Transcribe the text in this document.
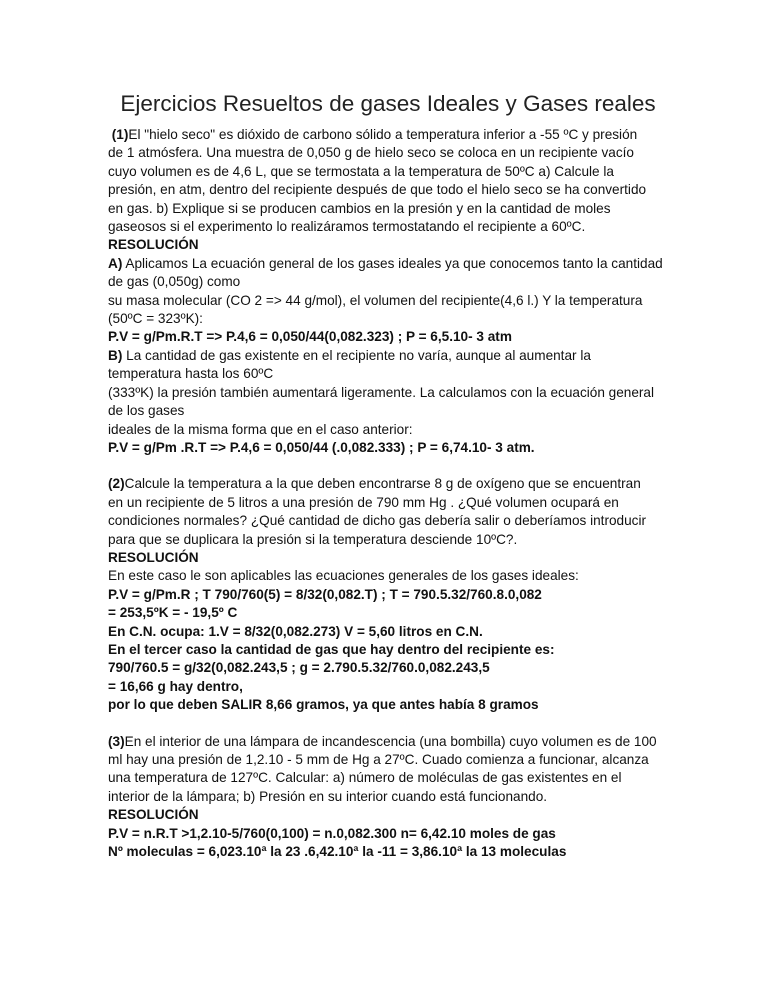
Ejercicios Resueltos de gases Ideales y Gases reales
(1)El "hielo seco" es dióxido de carbono sólido a temperatura inferior a -55 ºC y presión
de 1 atmósfera. Una muestra de 0,050 g de hielo seco se coloca en un recipiente vacío
cuyo volumen es de 4,6 L, que se termostata a la temperatura de 50ºC a) Calcule la
presión, en atm, dentro del recipiente después de que todo el hielo seco se ha convertido
en gas. b) Explique si se producen cambios en la presión y en la cantidad de moles
gaseosos si el experimento lo realizáramos termostatando el recipiente a 60ºC.
RESOLUCIÓN
A) Aplicamos La ecuación general de los gases ideales ya que conocemos tanto la cantidad
de gas (0,050g) como
su masa molecular (CO 2 => 44 g/mol), el volumen del recipiente(4,6 l.) Y la temperatura
(50ºC = 323ºK):
P.V = g/Pm.R.T => P.4,6 = 0,050/44(0,082.323) ; P = 6,5.10- 3 atm
B) La cantidad de gas existente en el recipiente no varía, aunque al aumentar la
temperatura hasta los 60ºC
(333ºK) la presión también aumentará ligeramente. La calculamos con la ecuación general
de los gases
ideales de la misma forma que en el caso anterior:
P.V = g/Pm .R.T => P.4,6 = 0,050/44 (.0,082.333) ; P = 6,74.10- 3 atm.
(2)Calcule la temperatura a la que deben encontrarse 8 g de oxígeno que se encuentran
en un recipiente de 5 litros a una presión de 790 mm Hg . ¿Qué volumen ocupará en
condiciones normales? ¿Qué cantidad de dicho gas debería salir o deberíamos introducir
para que se duplicara la presión si la temperatura desciende 10ºC?.
RESOLUCIÓN
En este caso le son aplicables las ecuaciones generales de los gases ideales:
P.V = g/Pm.R ; T 790/760(5) = 8/32(0,082.T) ; T = 790.5.32/760.8.0,082
= 253,5ºK = - 19,5º C
En C.N. ocupa: 1.V = 8/32(0,082.273) V = 5,60 litros en C.N.
En el tercer caso la cantidad de gas que hay dentro del recipiente es:
790/760.5 = g/32(0,082.243,5 ; g = 2.790.5.32/760.0,082.243,5
= 16,66 g hay dentro,
por lo que deben SALIR 8,66 gramos, ya que antes había 8 gramos
(3)En el interior de una lámpara de incandescencia (una bombilla) cuyo volumen es de 100
ml hay una presión de 1,2.10 - 5 mm de Hg a 27ºC. Cuado comienza a funcionar, alcanza
una temperatura de 127ºC. Calcular: a) número de moléculas de gas existentes en el
interior de la lámpara; b) Presión en su interior cuando está funcionando.
RESOLUCIÓN
P.V = n.R.T >1,2.10-5/760(0,100) = n.0,082.300 n= 6,42.10 moles de gas
Nº moleculas = 6,023.10ª la 23 .6,42.10ª la -11 = 3,86.10ª la 13 moleculas
